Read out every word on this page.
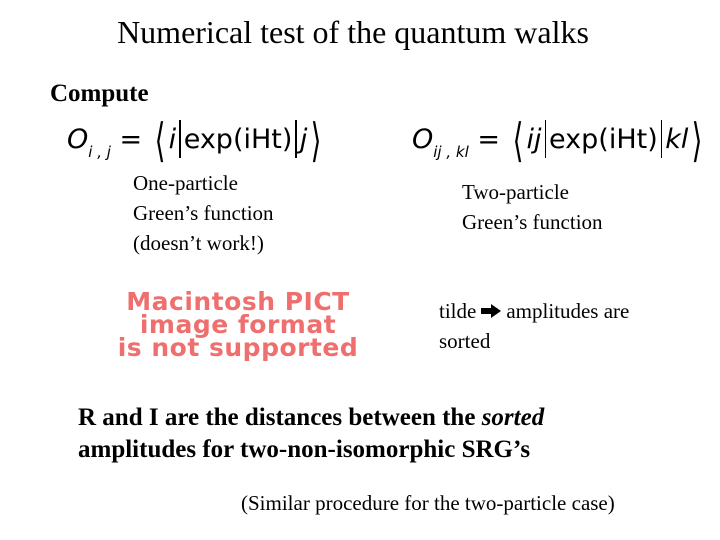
Numerical test of the quantum walks
Compute
$O_{i , j}$ = ⟨ i exp(iHt) j⟩	$O_{ij , kl}$ = ⟨ ij exp(iHt) kl⟩
One-particle
Green’s function
(doesn’t work!)
Two-particle
Green’s function
Macintosh PICT
image format
is not supported
tilde amplitudes are
sorted
R and I are the distances between the sorted
amplitudes for two-non-isomorphic SRG’s
(Similar procedure for the two-particle case)
